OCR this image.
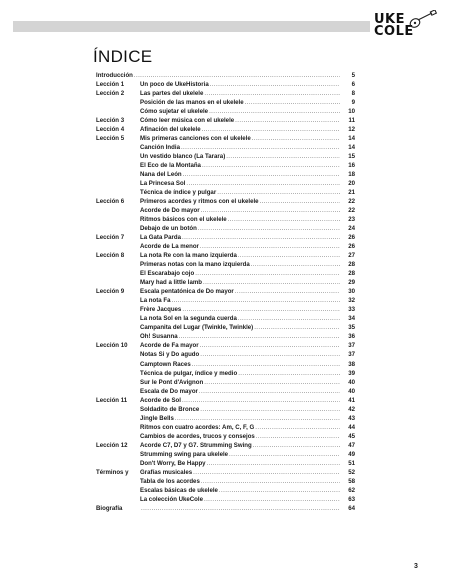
UKE
COLE
ÍNDICE
Introducción .....	5
Lección 1	Un poco de UkeHistoria .....	6
Lección 2	Las partes del ukelele .....	8
Posición de las manos en el ukelele .....	9
Cómo sujetar el ukelele .....	10
Lección 3	Cómo leer música con el ukelele .....	11
Lección 4	Afinación del ukelele .....	12
Lección 5	Mis primeras canciones con el ukelele .....	14
Canción India .....	14
Un vestido blanco (La Tarara) .....	15
El Eco de la Montaña .....	16
Nana del León .....	18
La Princesa Sol .....	20
Técnica de índice y pulgar .....	21
Lección 6	Primeros acordes y ritmos con el ukelele .....	22
Acorde de Do mayor .....	22
Ritmos básicos con el ukelele .....	23
Debajo de un botón .....	24
Lección 7	La Gata Parda .....	26
Acorde de La menor .....	26
Lección 8	La nota Re con la mano izquierda .....	27
Primeras notas con la mano izquierda .....	28
El Escarabajo cojo .....	28
Mary had a little lamb .....	29
Lección 9	Escala pentatónica de Do mayor .....	30
La nota Fa .....	32
Frère Jacques .....	33
La nota Sol en la segunda cuerda .....	34
Campanita del Lugar (Twinkle, Twinkle) .....	35
Oh! Susanna .....	36
Lección 10	Acorde de Fa mayor .....	37
Notas Si y Do agudo .....	37
Camptown Races .....	38
Técnica de pulgar, índice y medio .....	39
Sur le Pont d'Avignon .....	40
Escala de Do mayor .....	40
Lección 11	Acorde de Sol .....	41
Soldadito de Bronce .....	42
Jingle Bells .....	43
Ritmos con cuatro acordes: Am, C, F, G .....	44
Cambios de acordes, trucos y consejos .....	45
Lección 12	Acorde C7, D7 y G7. Strumming Swing .....	47
Strumming swing para ukelele .....	49
Don't Worry, Be Happy .....	51
Términos y	Grafías musicales .....	52
Tabla de los acordes .....	58
Escalas básicas de ukelele .....	62
La colección UkeCole .....	63
Biografía .....	64
3
